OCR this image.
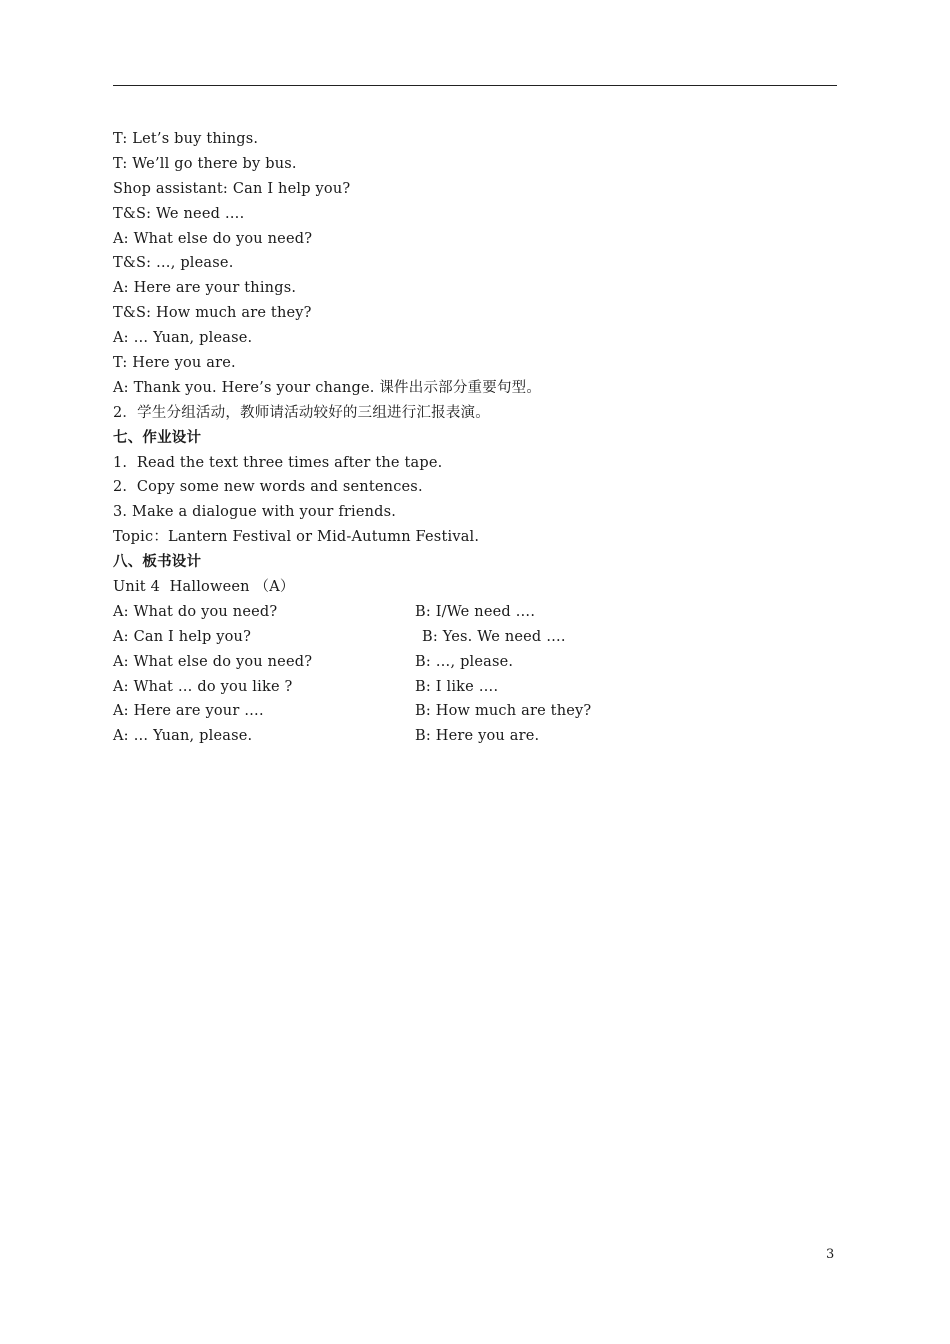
T: Let’s buy things.
T: We’ll go there by bus.
Shop assistant: Can I help you?
T&S: We need ….
A: What else do you need?
T&S: …, please.
A: Here are your things.
T&S: How much are they?
A: … Yuan, please.
T: Here you are.
A: Thank you. Here’s your change. 课件出示部分重要句型。
2．学生分组活动，教师请活动较好的三组进行汇报表演。
七、作业设计
1.  Read the text three times after the tape.
2.  Copy some new words and sentences.
3. Make a dialogue with your friends.
Topic：Lantern Festival or Mid-Autumn Festival.
八、板书设计
Unit 4  Halloween （A）

A: What do you need?

	B: I/We need ….

A: Can I help you?

	B: Yes. We need ….

A: What else do you need?

	B: …, please.

A: What … do you like ?

	B: I like ….

A: Here are your ….

	B: How much are they?

A: … Yuan, please.

	B: Here you are.

3
